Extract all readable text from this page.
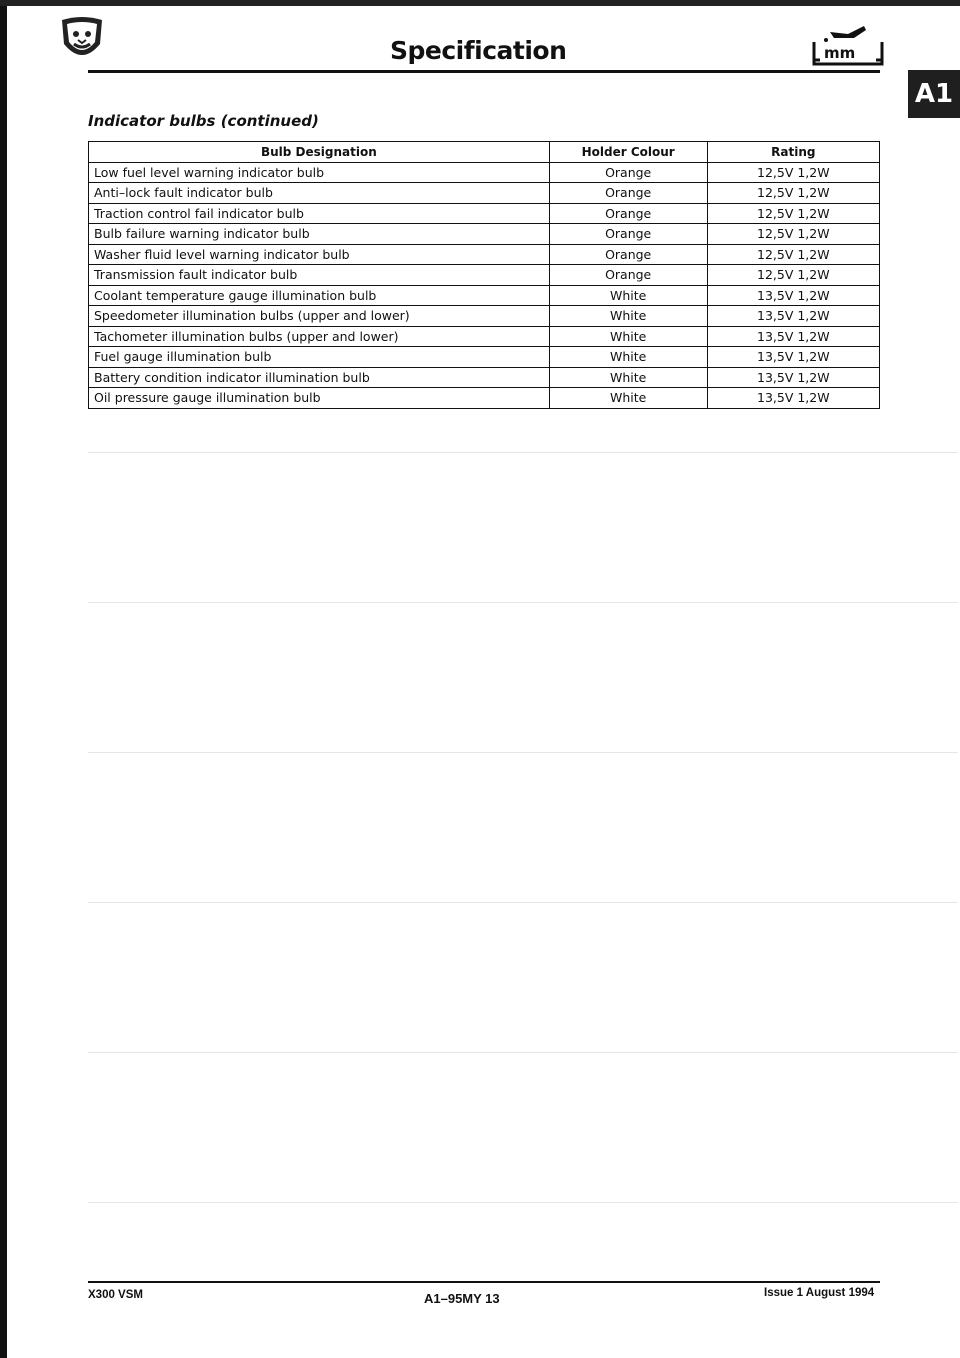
Specification	mm
A1
Indicator bulbs (continued)
Bulb Designation	Holder Colour	Rating
Low fuel level warning indicator bulb	Orange	12,5V 1,2W
Anti–lock fault indicator bulb	Orange	12,5V 1,2W
Traction control fail indicator bulb	Orange	12,5V 1,2W
Bulb failure warning indicator bulb	Orange	12,5V 1,2W
Washer fluid level warning indicator bulb	Orange	12,5V 1,2W
Transmission fault indicator bulb	Orange	12,5V 1,2W
Coolant temperature gauge illumination bulb	White	13,5V 1,2W
Speedometer illumination bulbs (upper and lower)	White	13,5V 1,2W
Tachometer illumination bulbs (upper and lower)	White	13,5V 1,2W
Fuel gauge illumination bulb	White	13,5V 1,2W
Battery condition indicator illumination bulb	White	13,5V 1,2W
Oil pressure gauge illumination bulb	White	13,5V 1,2W
X300 VSM	A1–95MY 13	Issue 1 August 1994
